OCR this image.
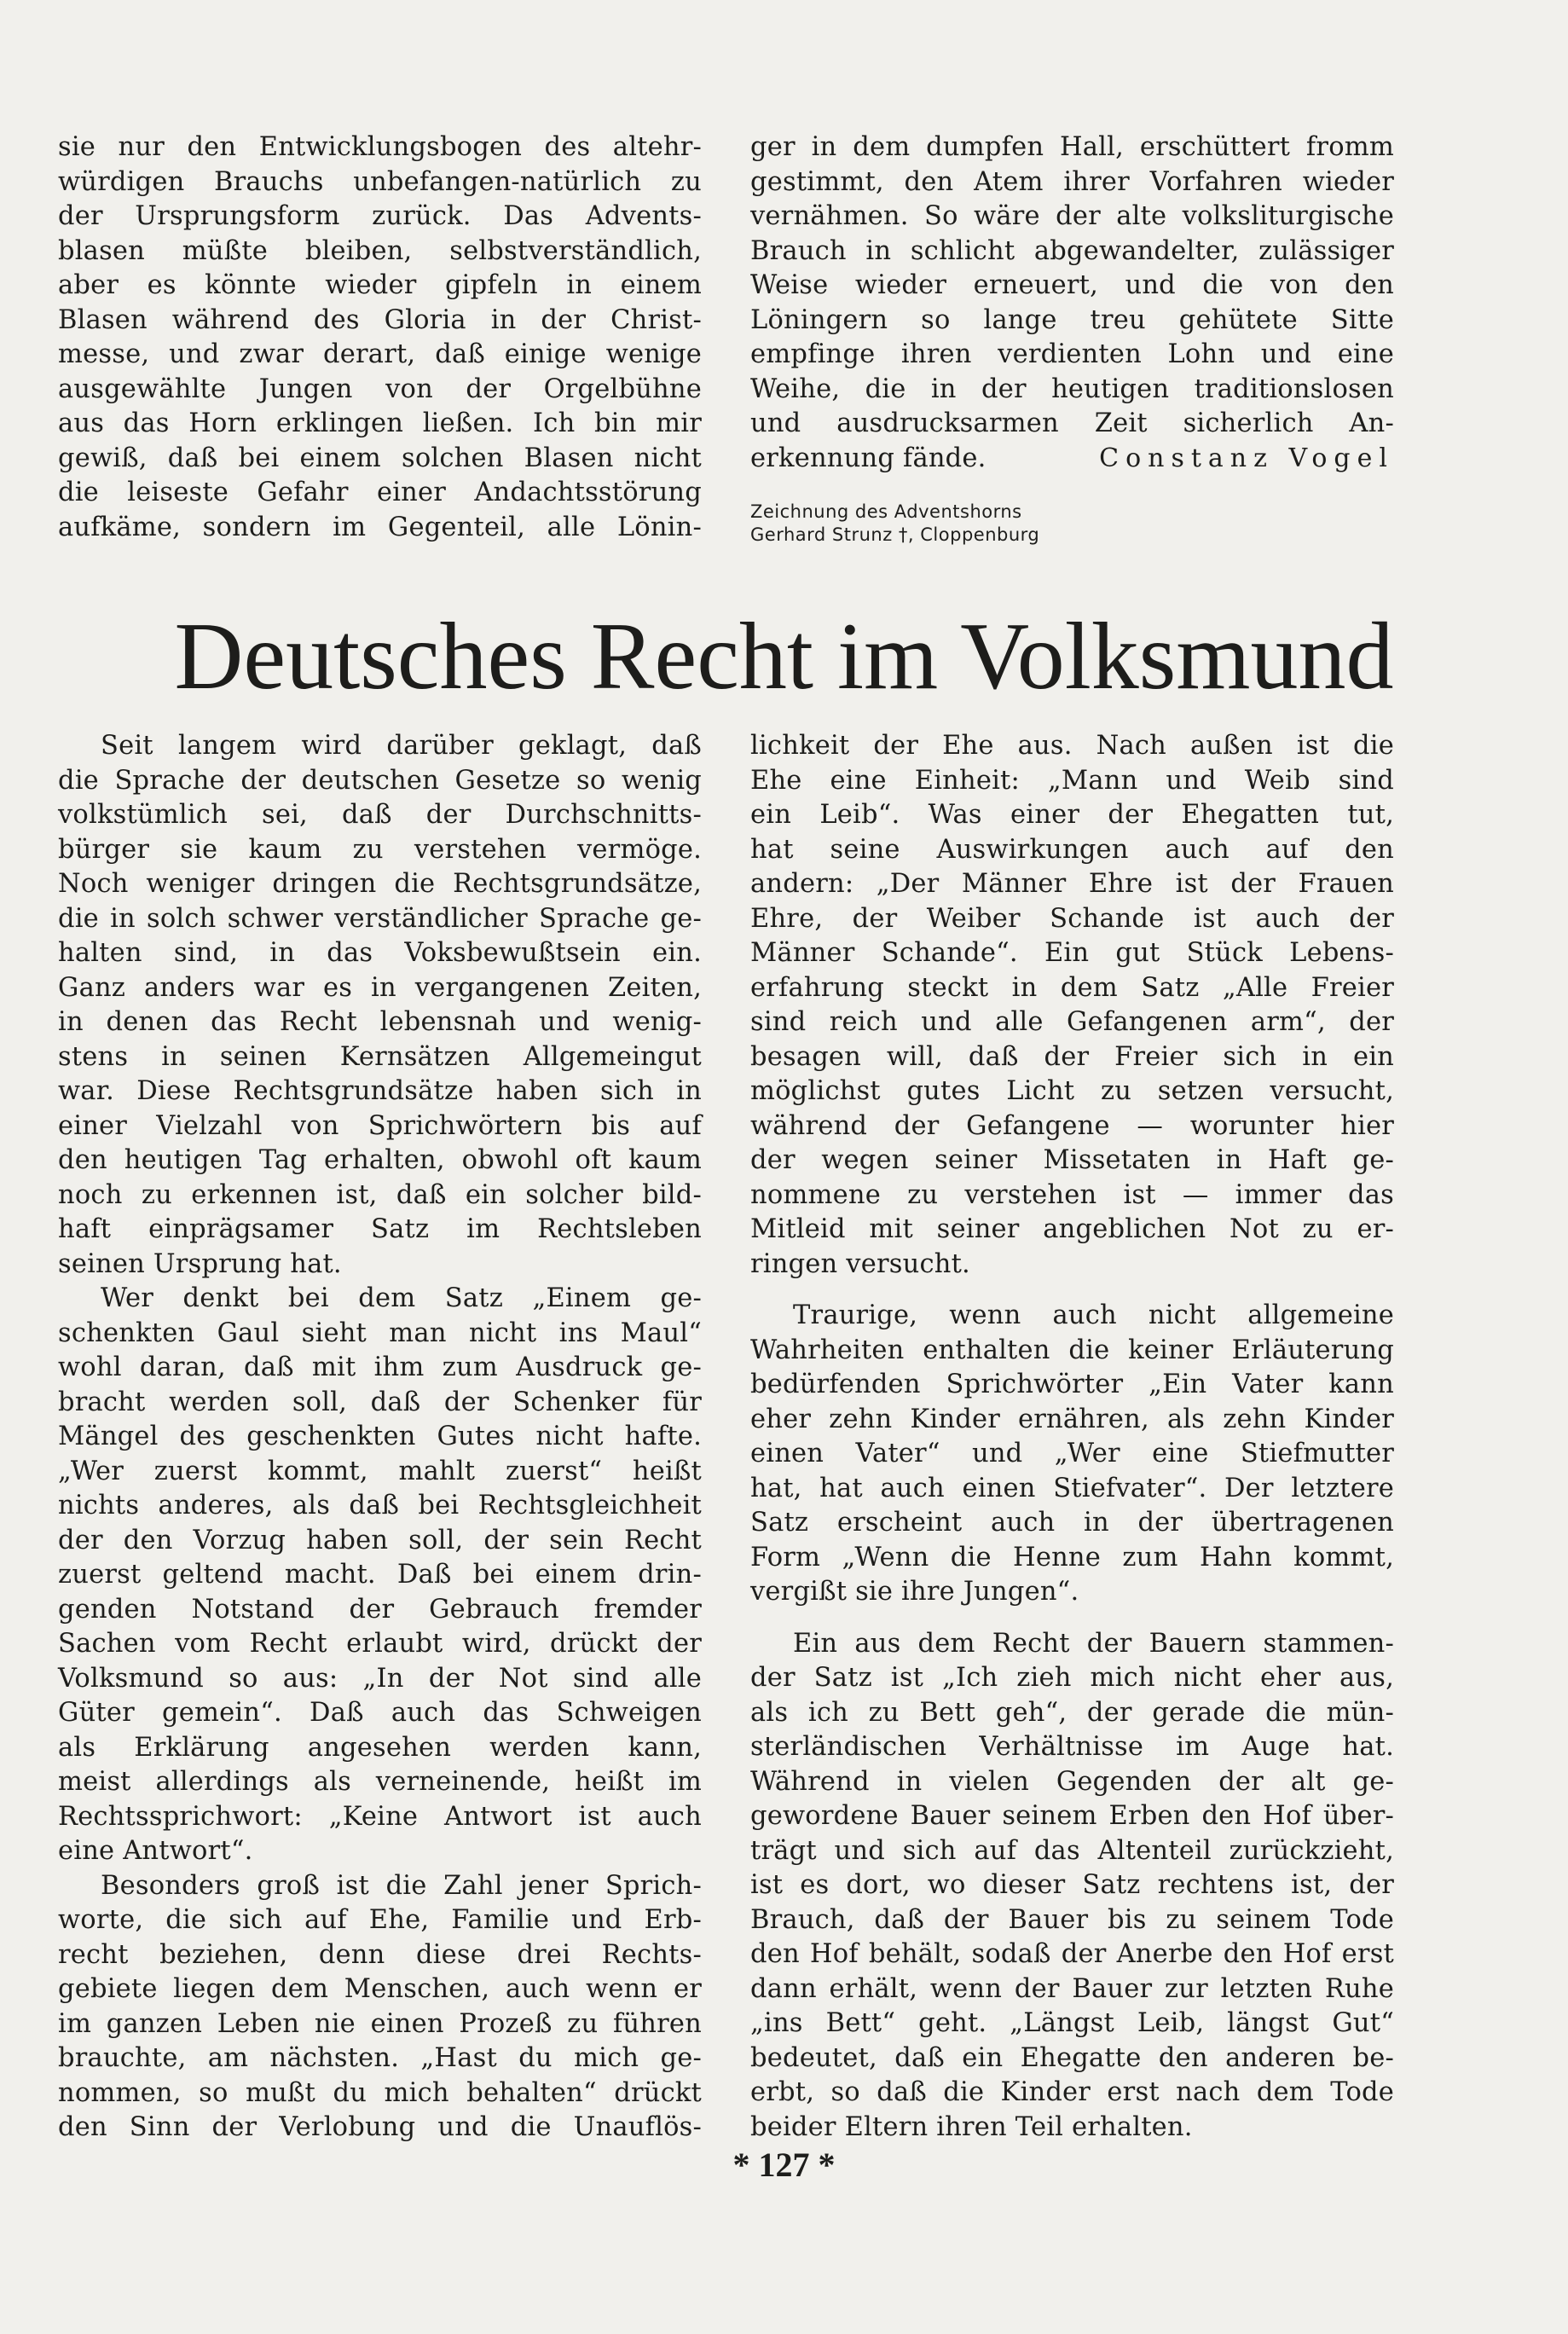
sie nur den Entwicklungsbogen des altehr-
würdigen Brauchs unbefangen-natürlich zu
der Ursprungsform zurück. Das Advents-
blasen müßte bleiben, selbstverständlich,
aber es könnte wieder gipfeln in einem
Blasen während des Gloria in der Christ-
messe, und zwar derart, daß einige wenige
ausgewählte Jungen von der Orgelbühne
aus das Horn erklingen ließen. Ich bin mir
gewiß, daß bei einem solchen Blasen nicht
die leiseste Gefahr einer Andachtsstörung
aufkäme, sondern im Gegenteil, alle Lönin-
ger in dem dumpfen Hall, erschüttert fromm
gestimmt, den Atem ihrer Vorfahren wieder
vernähmen. So wäre der alte volksliturgische
Brauch in schlicht abgewandelter, zulässiger
Weise wieder erneuert, und die von den
Löningern so lange treu gehütete Sitte
empfinge ihren verdienten Lohn und eine
Weihe, die in der heutigen traditionslosen
und ausdrucksarmen Zeit sicherlich An-
erkennung fände.	Constanz Vogel
Zeichnung des Adventshorns
Gerhard Strunz †, Cloppenburg
Deutsches Recht im Volksmund

Seit langem wird darüber geklagt, daß
die Sprache der deutschen Gesetze so wenig
volkstümlich sei, daß der Durchschnitts-
bürger sie kaum zu verstehen vermöge.
Noch weniger dringen die Rechtsgrundsätze,
die in solch schwer verständlicher Sprache ge-
halten sind, in das Voksbewußtsein ein.
Ganz anders war es in vergangenen Zeiten,
in denen das Recht lebensnah und wenig-
stens in seinen Kernsätzen Allgemeingut
war. Diese Rechtsgrundsätze haben sich in
einer Vielzahl von Sprichwörtern bis auf
den heutigen Tag erhalten, obwohl oft kaum
noch zu erkennen ist, daß ein solcher bild-
haft einprägsamer Satz im Rechtsleben
seinen Ursprung hat.

Wer denkt bei dem Satz „Einem ge-
schenkten Gaul sieht man nicht ins Maul“
wohl daran, daß mit ihm zum Ausdruck ge-
bracht werden soll, daß der Schenker für
Mängel des geschenkten Gutes nicht hafte.
„Wer zuerst kommt, mahlt zuerst“ heißt
nichts anderes, als daß bei Rechtsgleichheit
der den Vorzug haben soll, der sein Recht
zuerst geltend macht. Daß bei einem drin-
genden Notstand der Gebrauch fremder
Sachen vom Recht erlaubt wird, drückt der
Volksmund so aus: „In der Not sind alle
Güter gemein“. Daß auch das Schweigen
als Erklärung angesehen werden kann,
meist allerdings als verneinende, heißt im
Rechtssprichwort: „Keine Antwort ist auch
eine Antwort“.

Besonders groß ist die Zahl jener Sprich-
worte, die sich auf Ehe, Familie und Erb-
recht beziehen, denn diese drei Rechts-
gebiete liegen dem Menschen, auch wenn er
im ganzen Leben nie einen Prozeß zu führen
brauchte, am nächsten. „Hast du mich ge-
nommen, so mußt du mich behalten“ drückt
den Sinn der Verlobung und die Unauflös-

lichkeit der Ehe aus. Nach außen ist die
Ehe eine Einheit: „Mann und Weib sind
ein Leib“. Was einer der Ehegatten tut,
hat seine Auswirkungen auch auf den
andern: „Der Männer Ehre ist der Frauen
Ehre, der Weiber Schande ist auch der
Männer Schande“. Ein gut Stück Lebens-
erfahrung steckt in dem Satz „Alle Freier
sind reich und alle Gefangenen arm“, der
besagen will, daß der Freier sich in ein
möglichst gutes Licht zu setzen versucht,
während der Gefangene — worunter hier
der wegen seiner Missetaten in Haft ge-
nommene zu verstehen ist — immer das
Mitleid mit seiner angeblichen Not zu er-
ringen versucht.

Traurige, wenn auch nicht allgemeine
Wahrheiten enthalten die keiner Erläuterung
bedürfenden Sprichwörter „Ein Vater kann
eher zehn Kinder ernähren, als zehn Kinder
einen Vater“ und „Wer eine Stiefmutter
hat, hat auch einen Stiefvater“. Der letztere
Satz erscheint auch in der übertragenen
Form „Wenn die Henne zum Hahn kommt,
vergißt sie ihre Jungen“.

Ein aus dem Recht der Bauern stammen-
der Satz ist „Ich zieh mich nicht eher aus,
als ich zu Bett geh“, der gerade die mün-
sterländischen Verhältnisse im Auge hat.
Während in vielen Gegenden der alt ge-
gewordene Bauer seinem Erben den Hof über-
trägt und sich auf das Altenteil zurückzieht,
ist es dort, wo dieser Satz rechtens ist, der
Brauch, daß der Bauer bis zu seinem Tode
den Hof behält, sodaß der Anerbe den Hof erst
dann erhält, wenn der Bauer zur letzten Ruhe
„ins Bett“ geht. „Längst Leib, längst Gut“
bedeutet, daß ein Ehegatte den anderen be-
erbt, so daß die Kinder erst nach dem Tode
beider Eltern ihren Teil erhalten.

* 127 *
